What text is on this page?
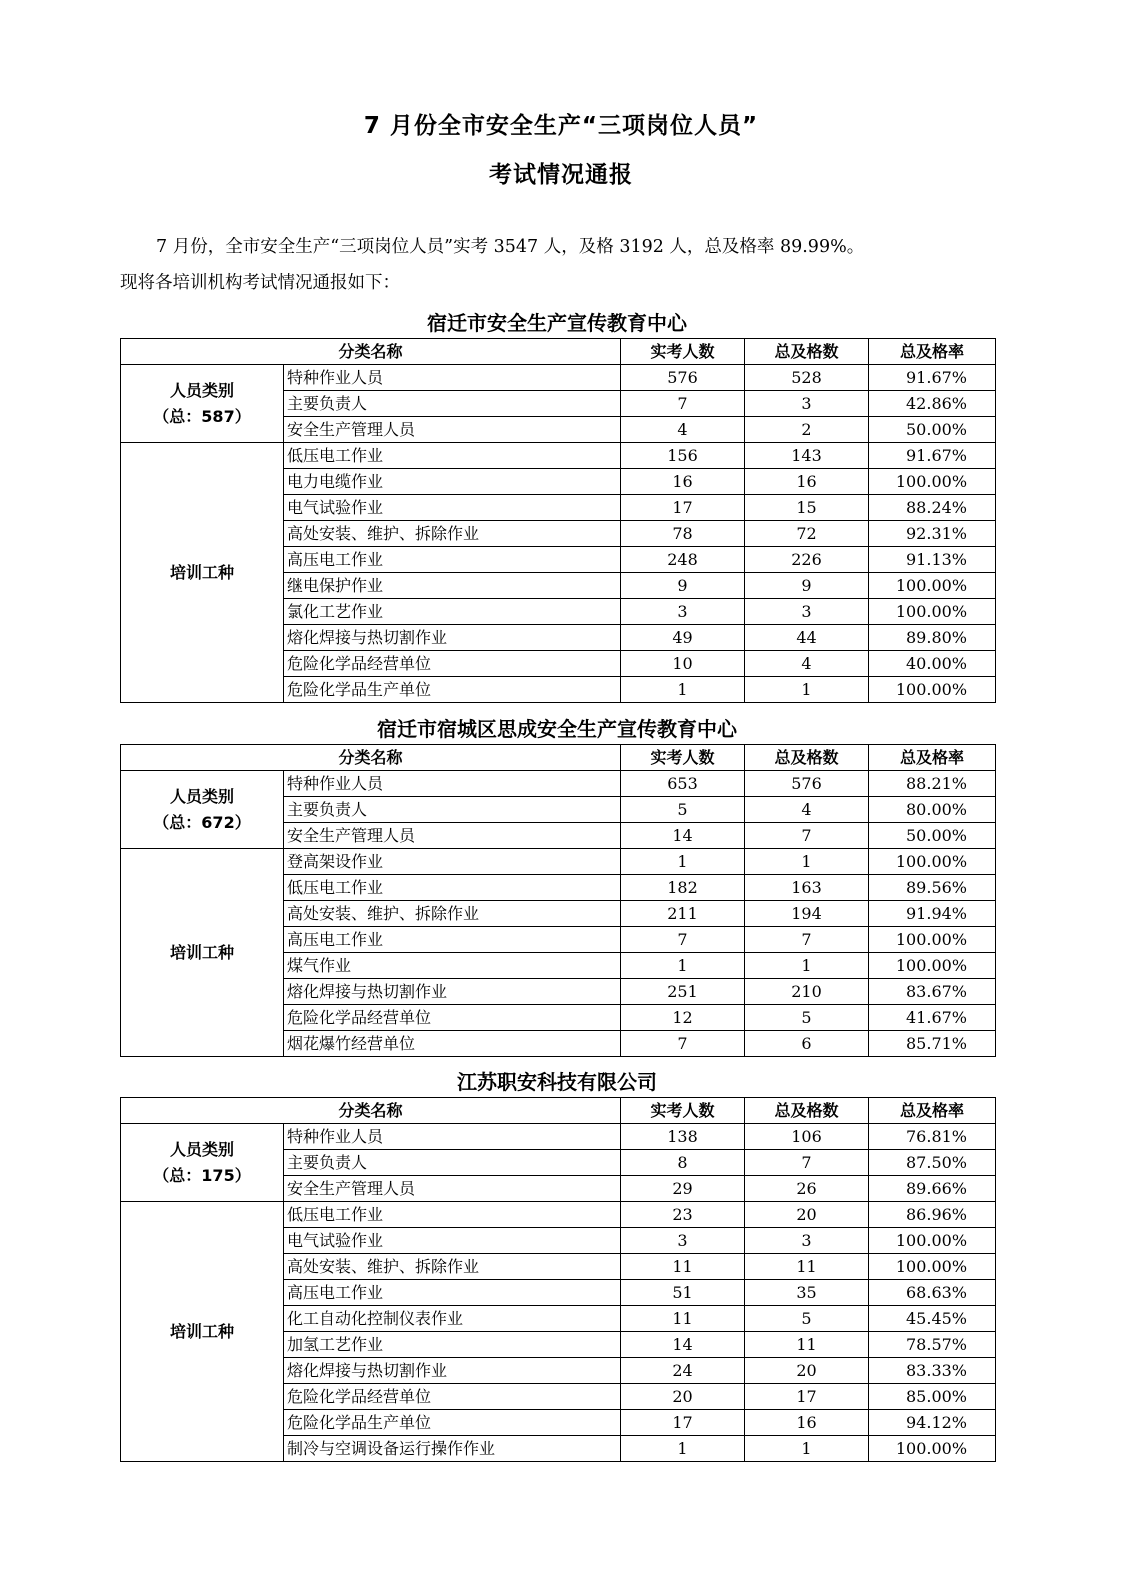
7 月份全市安全生产“三项岗位人员”
考试情况通报
7 月份，全市安全生产“三项岗位人员”实考 3547 人，及格 3192 人，总及格率 89.99%。
现将各培训机构考试情况通报如下：
宿迁市安全生产宣传教育中心
分类名称		实考人数	总及格数	总及格率

人员类别
（总：587）	特种作业人员	576	528	91.67%
	主要负责人	7	3	42.86%
	安全生产管理人员	4	2	50.00%

培训工种	低压电工作业	156	143	91.67%
	电力电缆作业	16	16	100.00%
	电气试验作业	17	15	88.24%
	高处安装、维护、拆除作业	78	72	92.31%
	高压电工作业	248	226	91.13%
	继电保护作业	9	9	100.00%
	氯化工艺作业	3	3	100.00%
	熔化焊接与热切割作业	49	44	89.80%
	危险化学品经营单位	10	4	40.00%
	危险化学品生产单位	1	1	100.00%
宿迁市宿城区思成安全生产宣传教育中心
分类名称		实考人数	总及格数	总及格率

人员类别
（总：672）	特种作业人员	653	576	88.21%
	主要负责人	5	4	80.00%
	安全生产管理人员	14	7	50.00%

培训工种	登高架设作业	1	1	100.00%
	低压电工作业	182	163	89.56%
	高处安装、维护、拆除作业	211	194	91.94%
	高压电工作业	7	7	100.00%
	煤气作业	1	1	100.00%
	熔化焊接与热切割作业	251	210	83.67%
	危险化学品经营单位	12	5	41.67%
	烟花爆竹经营单位	7	6	85.71%
江苏职安科技有限公司
分类名称		实考人数	总及格数	总及格率

人员类别
（总：175）	特种作业人员	138	106	76.81%
	主要负责人	8	7	87.50%
	安全生产管理人员	29	26	89.66%

培训工种	低压电工作业	23	20	86.96%
	电气试验作业	3	3	100.00%
	高处安装、维护、拆除作业	11	11	100.00%
	高压电工作业	51	35	68.63%
	化工自动化控制仪表作业	11	5	45.45%
	加氢工艺作业	14	11	78.57%
	熔化焊接与热切割作业	24	20	83.33%
	危险化学品经营单位	20	17	85.00%
	危险化学品生产单位	17	16	94.12%
	制冷与空调设备运行操作作业	1	1	100.00%
